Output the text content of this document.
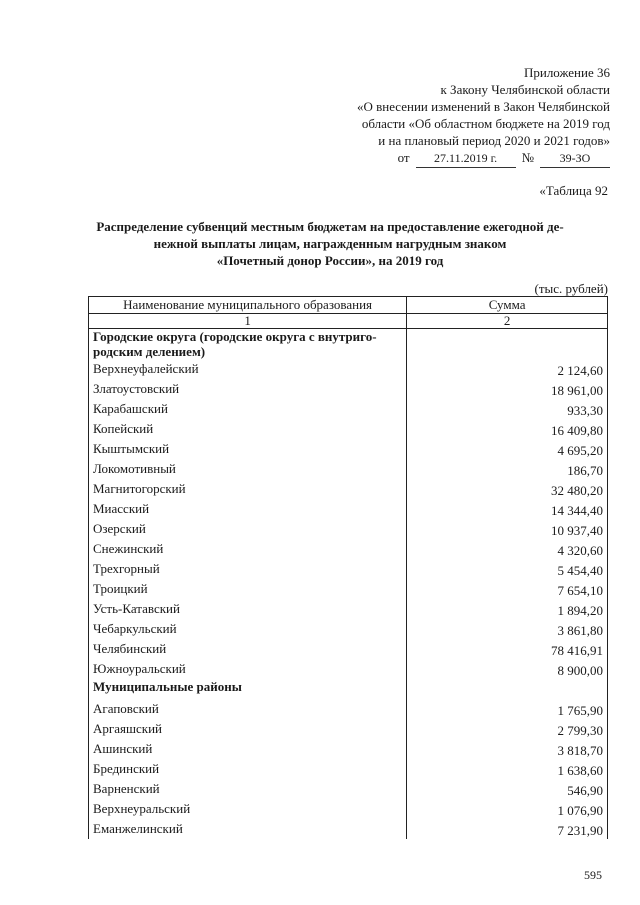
Приложение 36
к Закону Челябинской области
«О внесении изменений в Закон Челябинской
области «Об областном бюджете на 2019 год
и на плановый период 2020 и 2021 годов»
от	27.11.2019 г.	№	39-ЗО
«Таблица 92
Распределение субвенций местным бюджетам на предоставление ежегодной де-
нежной выплаты лицам, награжденным нагрудным знаком
«Почетный донор России», на 2019 год
(тыс. рублей)
Наименование муниципального образования	Сумма
1	2
Городские округа (городские округа с внутриго-родским делением)	
Верхнеуфалейский	2 124,60
Златоустовский	18 961,00
Карабашский	933,30
Копейский	16 409,80
Кыштымский	4 695,20
Локомотивный	186,70
Магнитогорский	32 480,20
Миасский	14 344,40
Озерский	10 937,40
Снежинский	4 320,60
Трехгорный	5 454,40
Троицкий	7 654,10
Усть-Катавский	1 894,20
Чебаркульский	3 861,80
Челябинский	78 416,91
Южноуральский	8 900,00
Муниципальные районы	
Агаповский	1 765,90
Аргаяшский	2 799,30
Ашинский	3 818,70
Брединский	1 638,60
Варненский	546,90
Верхнеуральский	1 076,90
Еманжелинский	7 231,90
595
